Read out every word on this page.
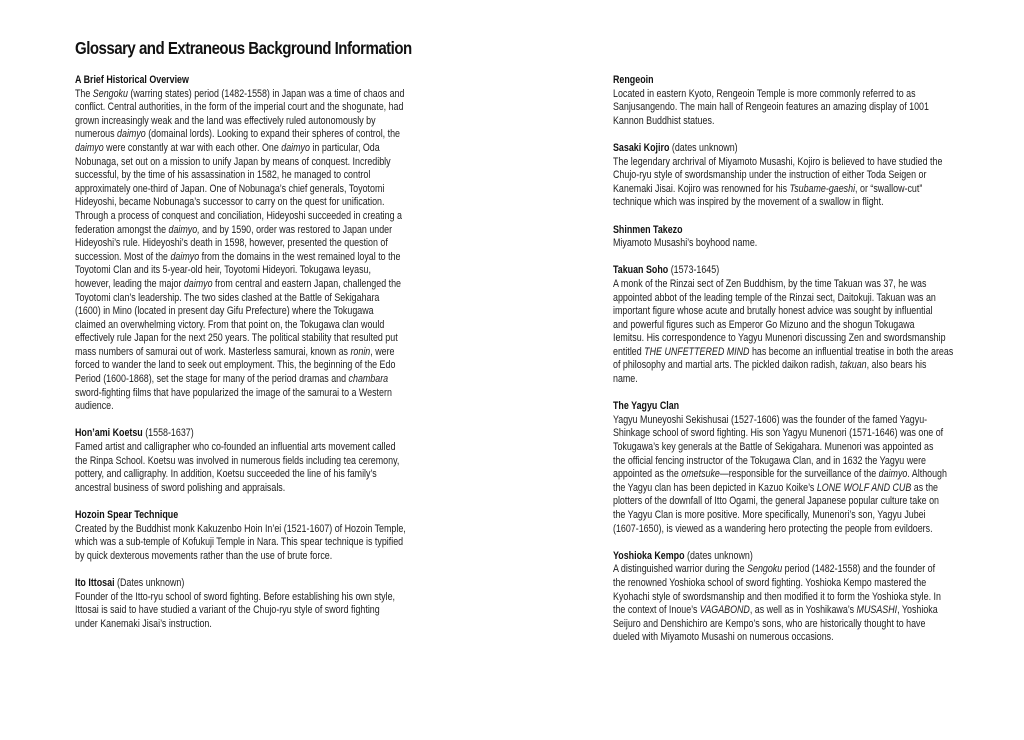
Glossary and Extraneous Background Information
A Brief Historical Overview
The Sengoku (warring states) period (1482-1558) in Japan was a time of chaos and
conflict. Central authorities, in the form of the imperial court and the shogunate, had
grown increasingly weak and the land was effectively ruled autonomously by
numerous daimyo (domainal lords). Looking to expand their spheres of control, the
daimyo were constantly at war with each other. One daimyo in particular, Oda
Nobunaga, set out on a mission to unify Japan by means of conquest. Incredibly
successful, by the time of his assassination in 1582, he managed to control
approximately one-third of Japan. One of Nobunaga’s chief generals, Toyotomi
Hideyoshi, became Nobunaga’s successor to carry on the quest for unification.
Through a process of conquest and conciliation, Hideyoshi succeeded in creating a
federation amongst the daimyo, and by 1590, order was restored to Japan under
Hideyoshi’s rule. Hideyoshi’s death in 1598, however, presented the question of
succession. Most of the daimyo from the domains in the west remained loyal to the
Toyotomi Clan and its 5-year-old heir, Toyotomi Hideyori. Tokugawa Ieyasu,
however, leading the major daimyo from central and eastern Japan, challenged the
Toyotomi clan’s leadership. The two sides clashed at the Battle of Sekigahara
(1600) in Mino (located in present day Gifu Prefecture) where the Tokugawa
claimed an overwhelming victory. From that point on, the Tokugawa clan would
effectively rule Japan for the next 250 years. The political stability that resulted put
mass numbers of samurai out of work. Masterless samurai, known as ronin, were
forced to wander the land to seek out employment. This, the beginning of the Edo
Period (1600-1868), set the stage for many of the period dramas and chambara
sword-fighting films that have popularized the image of the samurai to a Western
audience.
Hon’ami Koetsu (1558-1637)
Famed artist and calligrapher who co-founded an influential arts movement called
the Rinpa School. Koetsu was involved in numerous fields including tea ceremony,
pottery, and calligraphy. In addition, Koetsu succeeded the line of his family’s
ancestral business of sword polishing and appraisals.
Hozoin Spear Technique
Created by the Buddhist monk Kakuzenbo Hoin In’ei (1521-1607) of Hozoin Temple,
which was a sub-temple of Kofukuji Temple in Nara. This spear technique is typified
by quick dexterous movements rather than the use of brute force.
Ito Ittosai (Dates unknown)
Founder of the Itto-ryu school of sword fighting. Before establishing his own style,
Ittosai is said to have studied a variant of the Chujo-ryu style of sword fighting
under Kanemaki Jisai’s instruction.
Rengeoin
Located in eastern Kyoto, Rengeoin Temple is more commonly referred to as
Sanjusangendo. The main hall of Rengeoin features an amazing display of 1001
Kannon Buddhist statues.
Sasaki Kojiro (dates unknown)
The legendary archrival of Miyamoto Musashi, Kojiro is believed to have studied the
Chujo-ryu style of swordsmanship under the instruction of either Toda Seigen or
Kanemaki Jisai. Kojiro was renowned for his Tsubame-gaeshi, or “swallow-cut”
technique which was inspired by the movement of a swallow in flight.
Shinmen Takezo
Miyamoto Musashi’s boyhood name.
Takuan Soho (1573-1645)
A monk of the Rinzai sect of Zen Buddhism, by the time Takuan was 37, he was
appointed abbot of the leading temple of the Rinzai sect, Daitokuji. Takuan was an
important figure whose acute and brutally honest advice was sought by influential
and powerful figures such as Emperor Go Mizuno and the shogun Tokugawa
Iemitsu. His correspondence to Yagyu Munenori discussing Zen and swordsmanship
entitled THE UNFETTERED MIND has become an influential treatise in both the areas
of philosophy and martial arts. The pickled daikon radish, takuan, also bears his
name.
The Yagyu Clan
Yagyu Muneyoshi Sekishusai (1527-1606) was the founder of the famed Yagyu-
Shinkage school of sword fighting. His son Yagyu Munenori (1571-1646) was one of
Tokugawa’s key generals at the Battle of Sekigahara. Munenori was appointed as
the official fencing instructor of the Tokugawa Clan, and in 1632 the Yagyu were
appointed as the ometsuke—responsible for the surveillance of the daimyo. Although
the Yagyu clan has been depicted in Kazuo Koike’s LONE WOLF AND CUB as the
plotters of the downfall of Itto Ogami, the general Japanese popular culture take on
the Yagyu Clan is more positive. More specifically, Munenori’s son, Yagyu Jubei
(1607-1650), is viewed as a wandering hero protecting the people from evildoers.
Yoshioka Kempo (dates unknown)
A distinguished warrior during the Sengoku period (1482-1558) and the founder of
the renowned Yoshioka school of sword fighting. Yoshioka Kempo mastered the
Kyohachi style of swordsmanship and then modified it to form the Yoshioka style. In
the context of Inoue’s VAGABOND, as well as in Yoshikawa’s MUSASHI, Yoshioka
Seijuro and Denshichiro are Kempo’s sons, who are historically thought to have
dueled with Miyamoto Musashi on numerous occasions.
